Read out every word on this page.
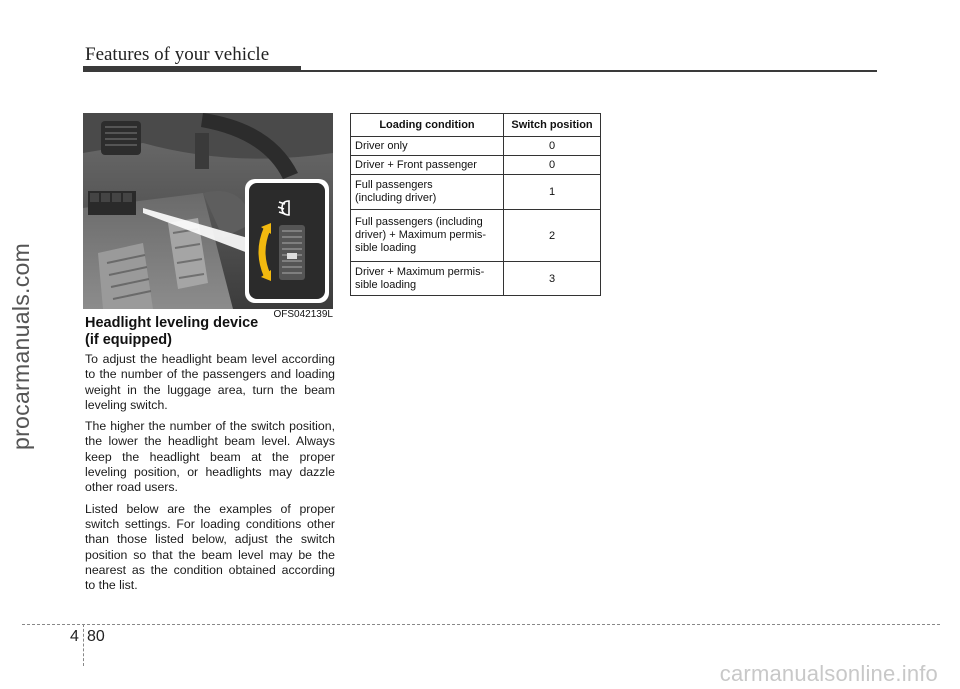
Features of your vehicle
procarmanuals.com	OFS042139L
Headlight leveling device
(if equipped)

To adjust the headlight beam level according to the number of the passengers and loading weight in the luggage area, turn the beam leveling switch.

The higher the number of the switch position, the lower the headlight beam level. Always keep the headlight beam at the proper leveling position, or headlights may dazzle other road users.

Listed below are the examples of proper switch settings. For loading conditions other than those listed below, adjust the switch position so that the beam level may be the nearest as the condition obtained according to the list.

Loading condition	Switch position
Driver only	0
Driver + Front passenger	0
Full passengers
(including driver)	1
Full passengers (including
driver) + Maximum permis-
sible loading	2
Driver + Maximum permis-
sible loading	3
4 80
carmanualsonline.info
